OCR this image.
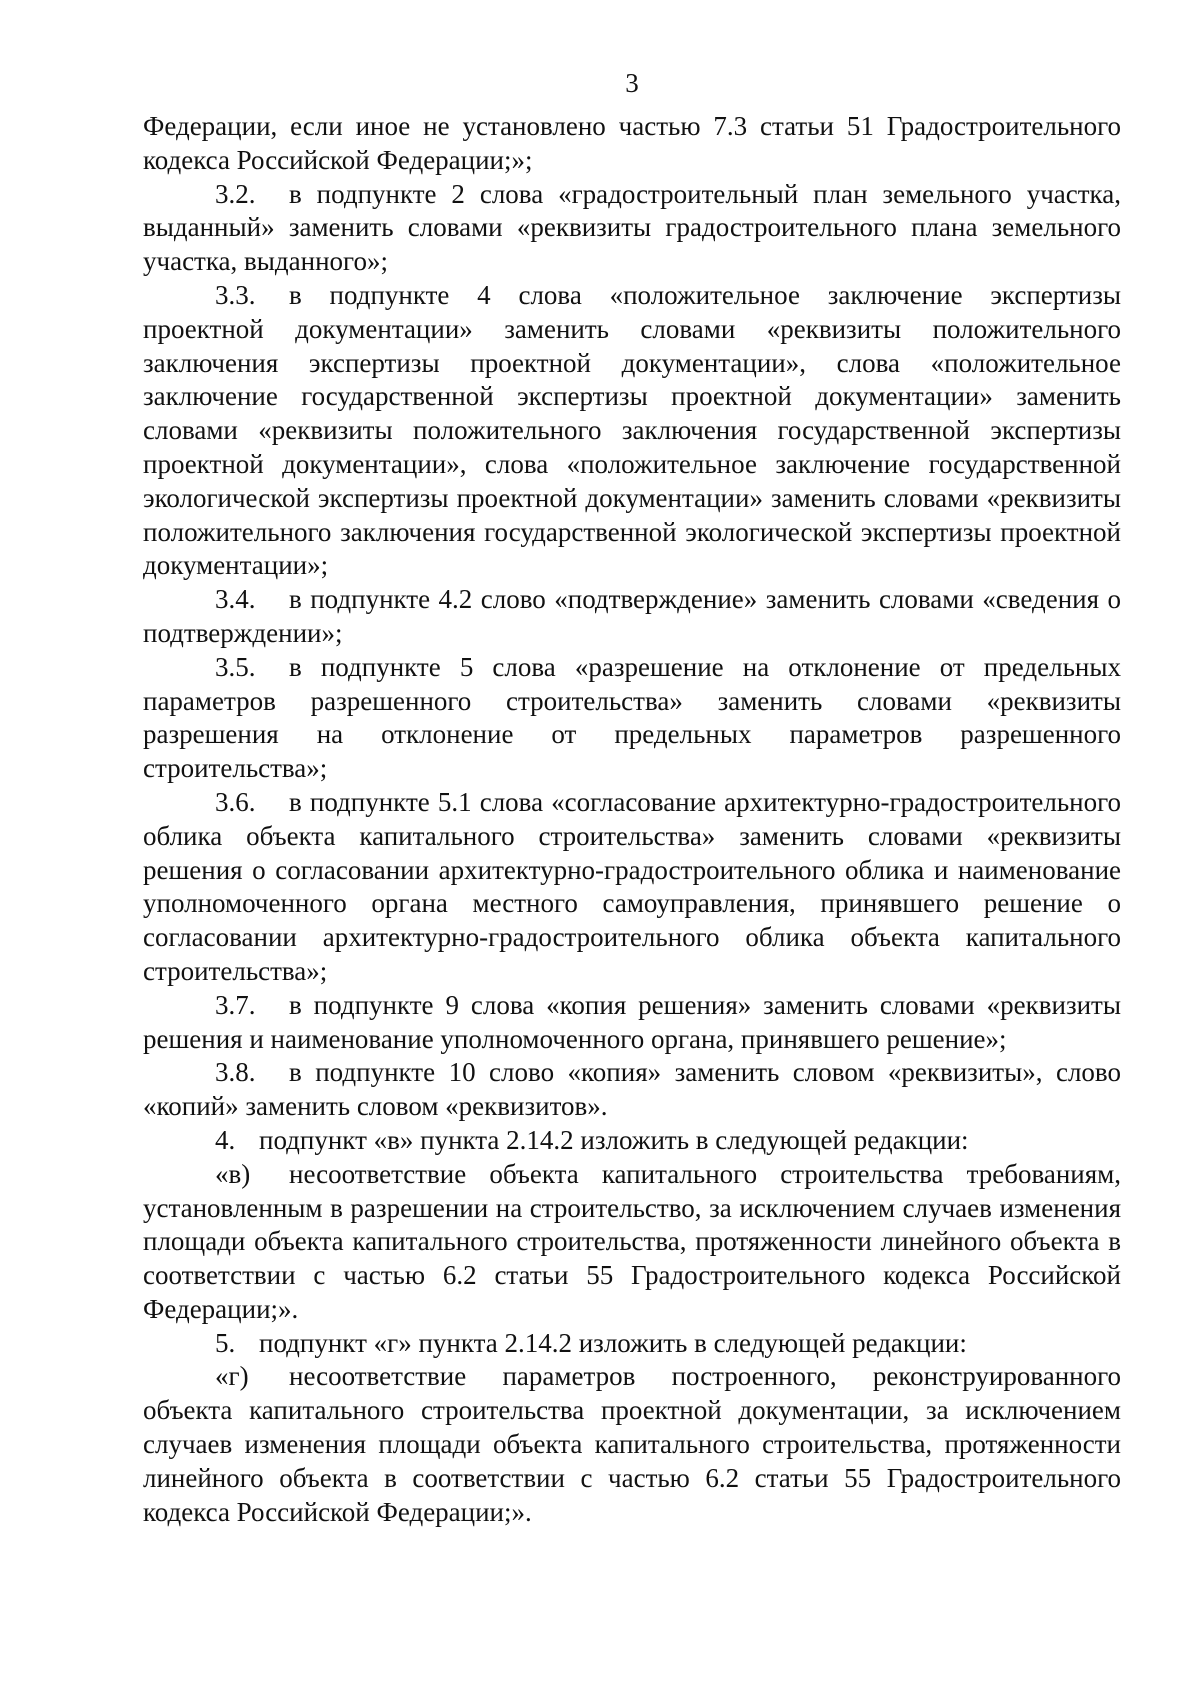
3

Федерации, если иное не установлено частью 7.3 статьи 51 Градостроительного кодекса Российской Федерации;»;

3.2. в подпункте 2 слова «градостроительный план земельного участка, выданный» заменить словами «реквизиты градостроительного плана земельного участка, выданного»;

3.3. в подпункте 4 слова «положительное заключение экспертизы проектной документации» заменить словами «реквизиты положительного заключения экспертизы проектной документации», слова «положительное заключение государственной экспертизы проектной документации» заменить словами «реквизиты положительного заключения государственной экспертизы проектной документации», слова «положительное заключение государственной экологической экспертизы проектной документации» заменить словами «реквизиты положительного заключения государственной экологической экспертизы проектной документации»;

3.4. в подпункте 4.2 слово «подтверждение» заменить словами «сведения о подтверждении»;

3.5. в подпункте 5 слова «разрешение на отклонение от предельных параметров разрешенного строительства» заменить словами «реквизиты разрешения на отклонение от предельных параметров разрешенного строительства»;

3.6. в подпункте 5.1 слова «согласование архитектурно-градостроительного облика объекта капитального строительства» заменить словами «реквизиты решения о согласовании архитектурно-градостроительного облика и наименование уполномоченного органа местного самоуправления, принявшего решение о согласовании архитектурно-градостроительного облика объекта капитального строительства»;

3.7. в подпункте 9 слова «копия решения» заменить словами «реквизиты решения и наименование уполномоченного органа, принявшего решение»;

3.8. в подпункте 10 слово «копия» заменить словом «реквизиты», слово «копий» заменить словом «реквизитов».

4. подпункт «в» пункта 2.14.2 изложить в следующей редакции:

«в) несоответствие объекта капитального строительства требованиям, установленным в разрешении на строительство, за исключением случаев изменения площади объекта капитального строительства, протяженности линейного объекта в соответствии с частью 6.2 статьи 55 Градостроительного кодекса Российской Федерации;».

5. подпункт «г» пункта 2.14.2 изложить в следующей редакции:

«г) несоответствие параметров построенного, реконструированного объекта капитального строительства проектной документации, за исключением случаев изменения площади объекта капитального строительства, протяженности линейного объекта в соответствии с частью 6.2 статьи 55 Градостроительного кодекса Российской Федерации;».
